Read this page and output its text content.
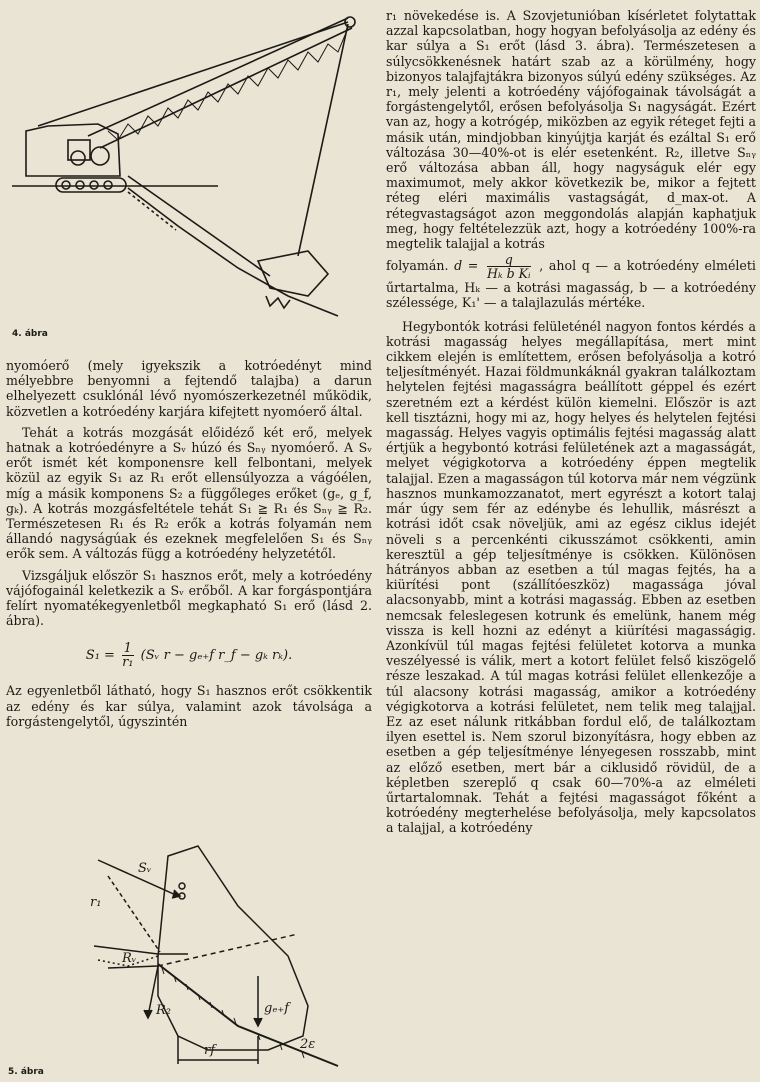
4. ábra

nyomóerő (mely igyekszik a kotróedényt mind mélyebbre benyomni a fejtendő talajba) a darun elhelyezett csuklónál lévő nyomószerkezetnél működik, közvetlen a kotróedény karjára kifejtett nyomóerő által.

Tehát a kotrás mozgását előidéző két erő, melyek hatnak a kotróedényre a Sᵥ húzó és Sₙᵧ nyomóerő. A Sᵥ erőt ismét két komponensre kell felbontani, melyek közül az egyik S₁ az R₁ erőt ellensúlyozza a vágóélen, míg a másik komponens S₂ a függőleges erőket (gₑ, g_f, gₖ). A kotrás mozgásfeltétele tehát S₁ ≧ R₁ és Sₙᵧ ≧ R₂. Természetesen R₁ és R₂ erők a kotrás folyamán nem állandó nagyságúak és ezeknek megfelelően S₁ és Sₙᵧ erők sem. A változás függ a kotróedény helyzetétől.

Vizsgáljuk először S₁ hasznos erőt, mely a kotróedény vájófogainál keletkezik a Sᵥ erőből. A kar forgáspontjára felírt nyomatékegyenletből megkapható S₁ erő (lásd 2. ábra).

$S_1 = \frac{1}{\text{r₁}}$ (Sᵥ r − gₑ₊f r_f − gₖ rₖ).

Az egyenletből látható, hogy S₁ hasznos erőt csökkentik az edény és kar súlya, valamint azok távolsága a forgástengelytől, úgyszintén

Sᵥ
r₁
Rᵥ
R₂	gₑ₊f
rf	2ε
5. ábra

r₁ növekedése is. A Szovjetunióban kísérletet folytattak azzal kapcsolatban, hogy hogyan befolyásolja az edény és kar súlya a S₁ erőt (lásd 3. ábra). Természetesen a súlycsökkenésnek határt szab az a körülmény, hogy bizonyos talajfajtákra bizonyos súlyú edény szükséges. Az r₁, mely jelenti a kotróedény vájófogainak távolságát a forgástengelytől, erősen befolyásolja S₁ nagyságát. Ezért van az, hogy a kotrógép, miközben az egyik réteget fejti a másik után, mindjobban kinyújtja karját és ezáltal S₁ erő változása 30—40%-ot is elér esetenként. R₂, illetve Sₙᵧ erő változása abban áll, hogy nagyságuk elér egy maximumot, mely akkor következik be, mikor a fejtett réteg eléri maximális vastagságát, d_max-ot. A rétegvastagságot azon meggondolás alapján kaphatjuk meg, hogy feltételezzük azt, hogy a kotróedény 100%-ra megtelik talajjal a kotrás

folyamán. $d = \frac{q}{\text{Hₖ b Kᵢ}}$ , ahol q — a kotróedény elméleti űrtartalma, Hₖ — a kotrási magasság, b — a kotróedény szélessége, K₁' — a talajlazulás mértéke.

Hegybontók kotrási felületénél nagyon fontos kérdés a kotrási magasság helyes megállapítása, mert mint cikkem elején is említettem, erősen befolyásolja a kotró teljesítményét. Hazai földmunkáknál gyakran találkoztam helytelen fejtési magasságra beállított géppel és ezért szeretném ezt a kérdést külön kiemelni. Először is azt kell tisztázni, hogy mi az, hogy helyes és helytelen fejtési magasság. Helyes vagyis optimális fejtési magasság alatt értjük a hegybontó kotrási felületének azt a magasságát, melyet végigkotorva a kotróedény éppen megtelik talajjal. Ezen a magasságon túl kotorva már nem végzünk hasznos munkamozzanatot, mert egyrészt a kotort talaj már úgy sem fér az edénybe és lehullik, másrészt a kotrási időt csak növeljük, ami az egész ciklus idejét növeli s a percenkénti cikusszámot csökkenti, amin keresztül a gép teljesítménye is csökken. Különösen hátrányos abban az esetben a túl magas fejtés, ha a kiürítési pont (szállítóeszköz) magassága jóval alacsonyabb, mint a kotrási magasság. Ebben az esetben nemcsak feleslegesen kotrunk és emelünk, hanem még vissza is kell hozni az edényt a kiürítési magasságig. Azonkívül túl magas fejtési felületet kotorva a munka veszélyessé is válik, mert a kotort felület felső kiszögelő része leszakad. A túl magas kotrási felület ellenkezője a túl alacsony kotrási magasság, amikor a kotróedény végigkotorva a kotrási felületet, nem telik meg talajjal. Ez az eset nálunk ritkábban fordul elő, de találkoztam ilyen esettel is. Nem szorul bizonyításra, hogy ebben az esetben a gép teljesítménye lényegesen rosszabb, mint az előző esetben, mert bár a ciklusidő rövidül, de a képletben szereplő q csak 60—70%-a az elméleti űrtartalomnak. Tehát a fejtési magasságot főként a kotróedény megterhelése befolyásolja, mely kapcsolatos a talajjal, a kotróedény
